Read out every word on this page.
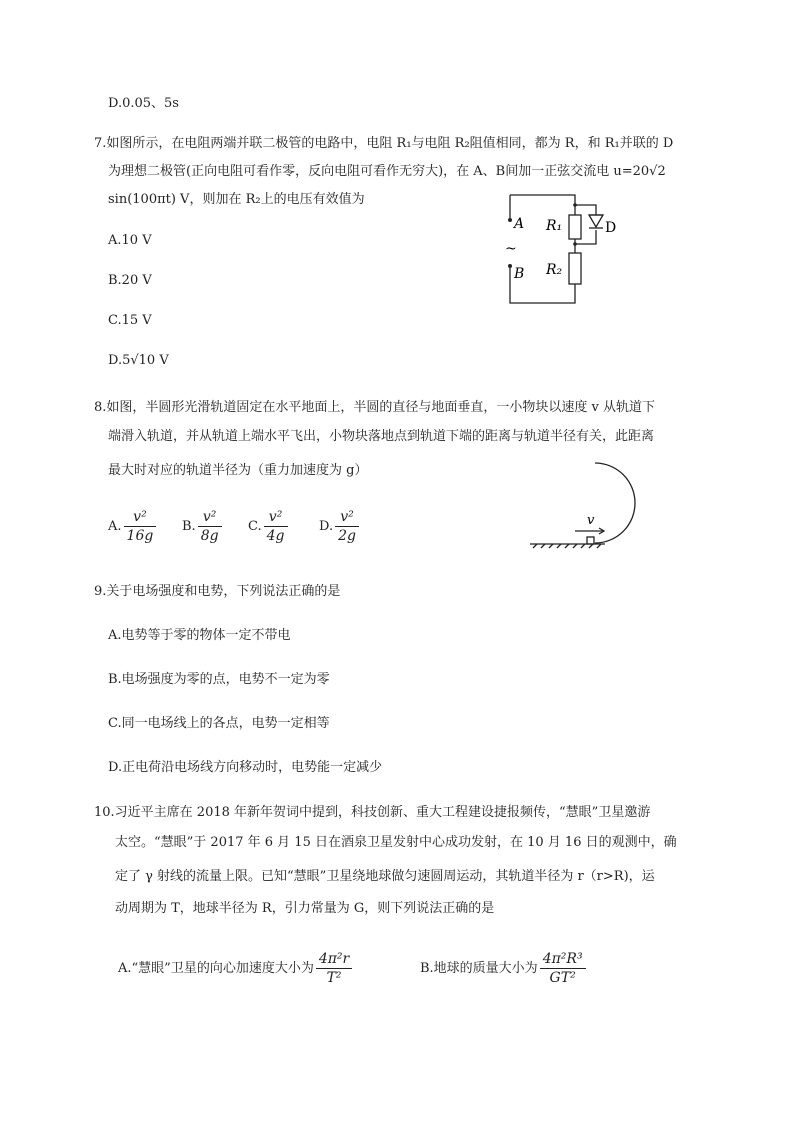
D.0.05、5s
7.如图所示，在电阻两端并联二极管的电路中，电阻 R₁与电阻 R₂阻值相同，都为 R，和 R₁并联的 D
为理想二极管(正向电阻可看作零，反向电阻可看作无穷大)，在 A、B间加一正弦交流电 u=20√2
sin(100πt) V，则加在 R₂上的电压有效值为
A.10 V
B.20 V
C.15 V
D.5√10 V
A
B
~
R₁
R₂
D
8.如图，半圆形光滑轨道固定在水平地面上，半圆的直径与地面垂直，一小物块以速度 v 从轨道下
端滑入轨道，并从轨道上端水平飞出，小物块落地点到轨道下端的距离与轨道半径有关，此距离
最大时对应的轨道半径为（重力加速度为 g）
A. $\frac{\text{v²}}{16g} B$. $\frac{\text{v²}}{8g} C$. $\frac{\text{v²}}{4g} D$. $\frac{\text{v²}}{2g}$	v
9.关于电场强度和电势，下列说法正确的是
A.电势等于零的物体一定不带电
B.电场强度为零的点，电势不一定为零
C.同一电场线上的各点，电势一定相等
D.正电荷沿电场线方向移动时，电势能一定减少
10.习近平主席在 2018 年新年贺词中提到，科技创新、重大工程建设捷报频传，“慧眼”卫星邀游
太空。“慧眼”于 2017 年 6 月 15 日在酒泉卫星发射中心成功发射，在 10 月 16 日的观测中，确
定了 γ 射线的流量上限。已知“慧眼”卫星绕地球做匀速圆周运动，其轨道半径为 r（r>R)，运
动周期为 T，地球半径为 R，引力常量为 G，则下列说法正确的是
A.“慧眼”卫星的向心加速度大小为 $\frac{\text{4π²r}}{\text{T²}}$	B.地球的质量大小为 $\frac{\text{4π²R³}}{\text{GT²}}$
